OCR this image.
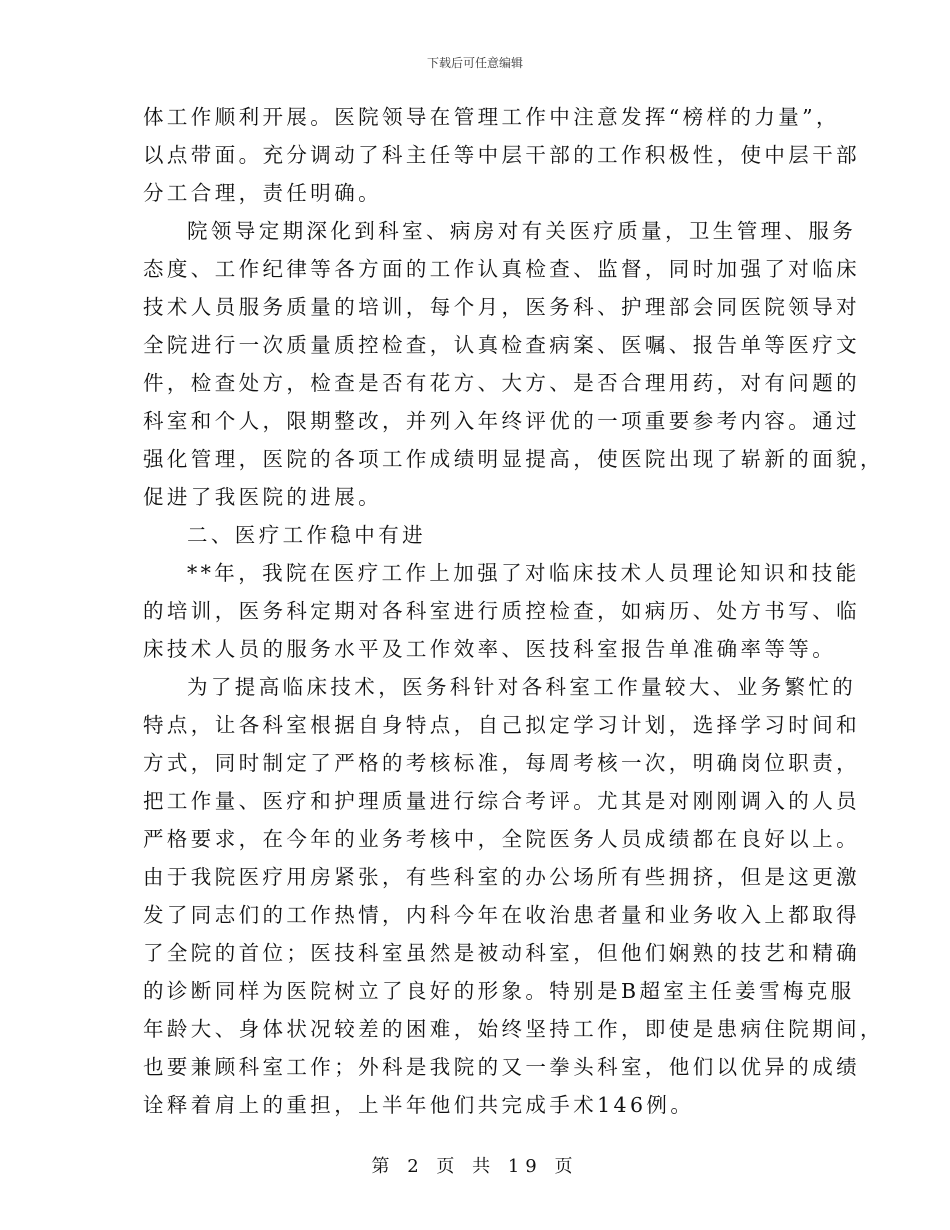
下载后可任意编辑
体工作顺利开展。医院领导在管理工作中注意发挥“榜样的力量”，
以点带面。充分调动了科主任等中层干部的工作积极性，使中层干部
分工合理，责任明确。
院领导定期深化到科室、病房对有关医疗质量，卫生管理、服务
态度、工作纪律等各方面的工作认真检查、监督，同时加强了对临床
技术人员服务质量的培训，每个月，医务科、护理部会同医院领导对
全院进行一次质量质控检查，认真检查病案、医嘱、报告单等医疗文
件，检查处方，检查是否有花方、大方、是否合理用药，对有问题的
科室和个人，限期整改，并列入年终评优的一项重要参考内容。通过
强化管理，医院的各项工作成绩明显提高，使医院出现了崭新的面貌，
促进了我医院的进展。
二、医疗工作稳中有进
**年，我院在医疗工作上加强了对临床技术人员理论知识和技能
的培训，医务科定期对各科室进行质控检查，如病历、处方书写、临
床技术人员的服务水平及工作效率、医技科室报告单准确率等等。
为了提高临床技术，医务科针对各科室工作量较大、业务繁忙的
特点，让各科室根据自身特点，自己拟定学习计划，选择学习时间和
方式，同时制定了严格的考核标准，每周考核一次，明确岗位职责，
把工作量、医疗和护理质量进行综合考评。尤其是对刚刚调入的人员
严格要求，在今年的业务考核中，全院医务人员成绩都在良好以上。
由于我院医疗用房紧张，有些科室的办公场所有些拥挤，但是这更激
发了同志们的工作热情，内科今年在收治患者量和业务收入上都取得
了全院的首位；医技科室虽然是被动科室，但他们娴熟的技艺和精确
的诊断同样为医院树立了良好的形象。特别是B超室主任姜雪梅克服
年龄大、身体状况较差的困难，始终坚持工作，即使是患病住院期间，
也要兼顾科室工作；外科是我院的又一拳头科室，他们以优异的成绩
诠释着肩上的重担，上半年他们共完成手术146例。
第 2 页 共 19 页
